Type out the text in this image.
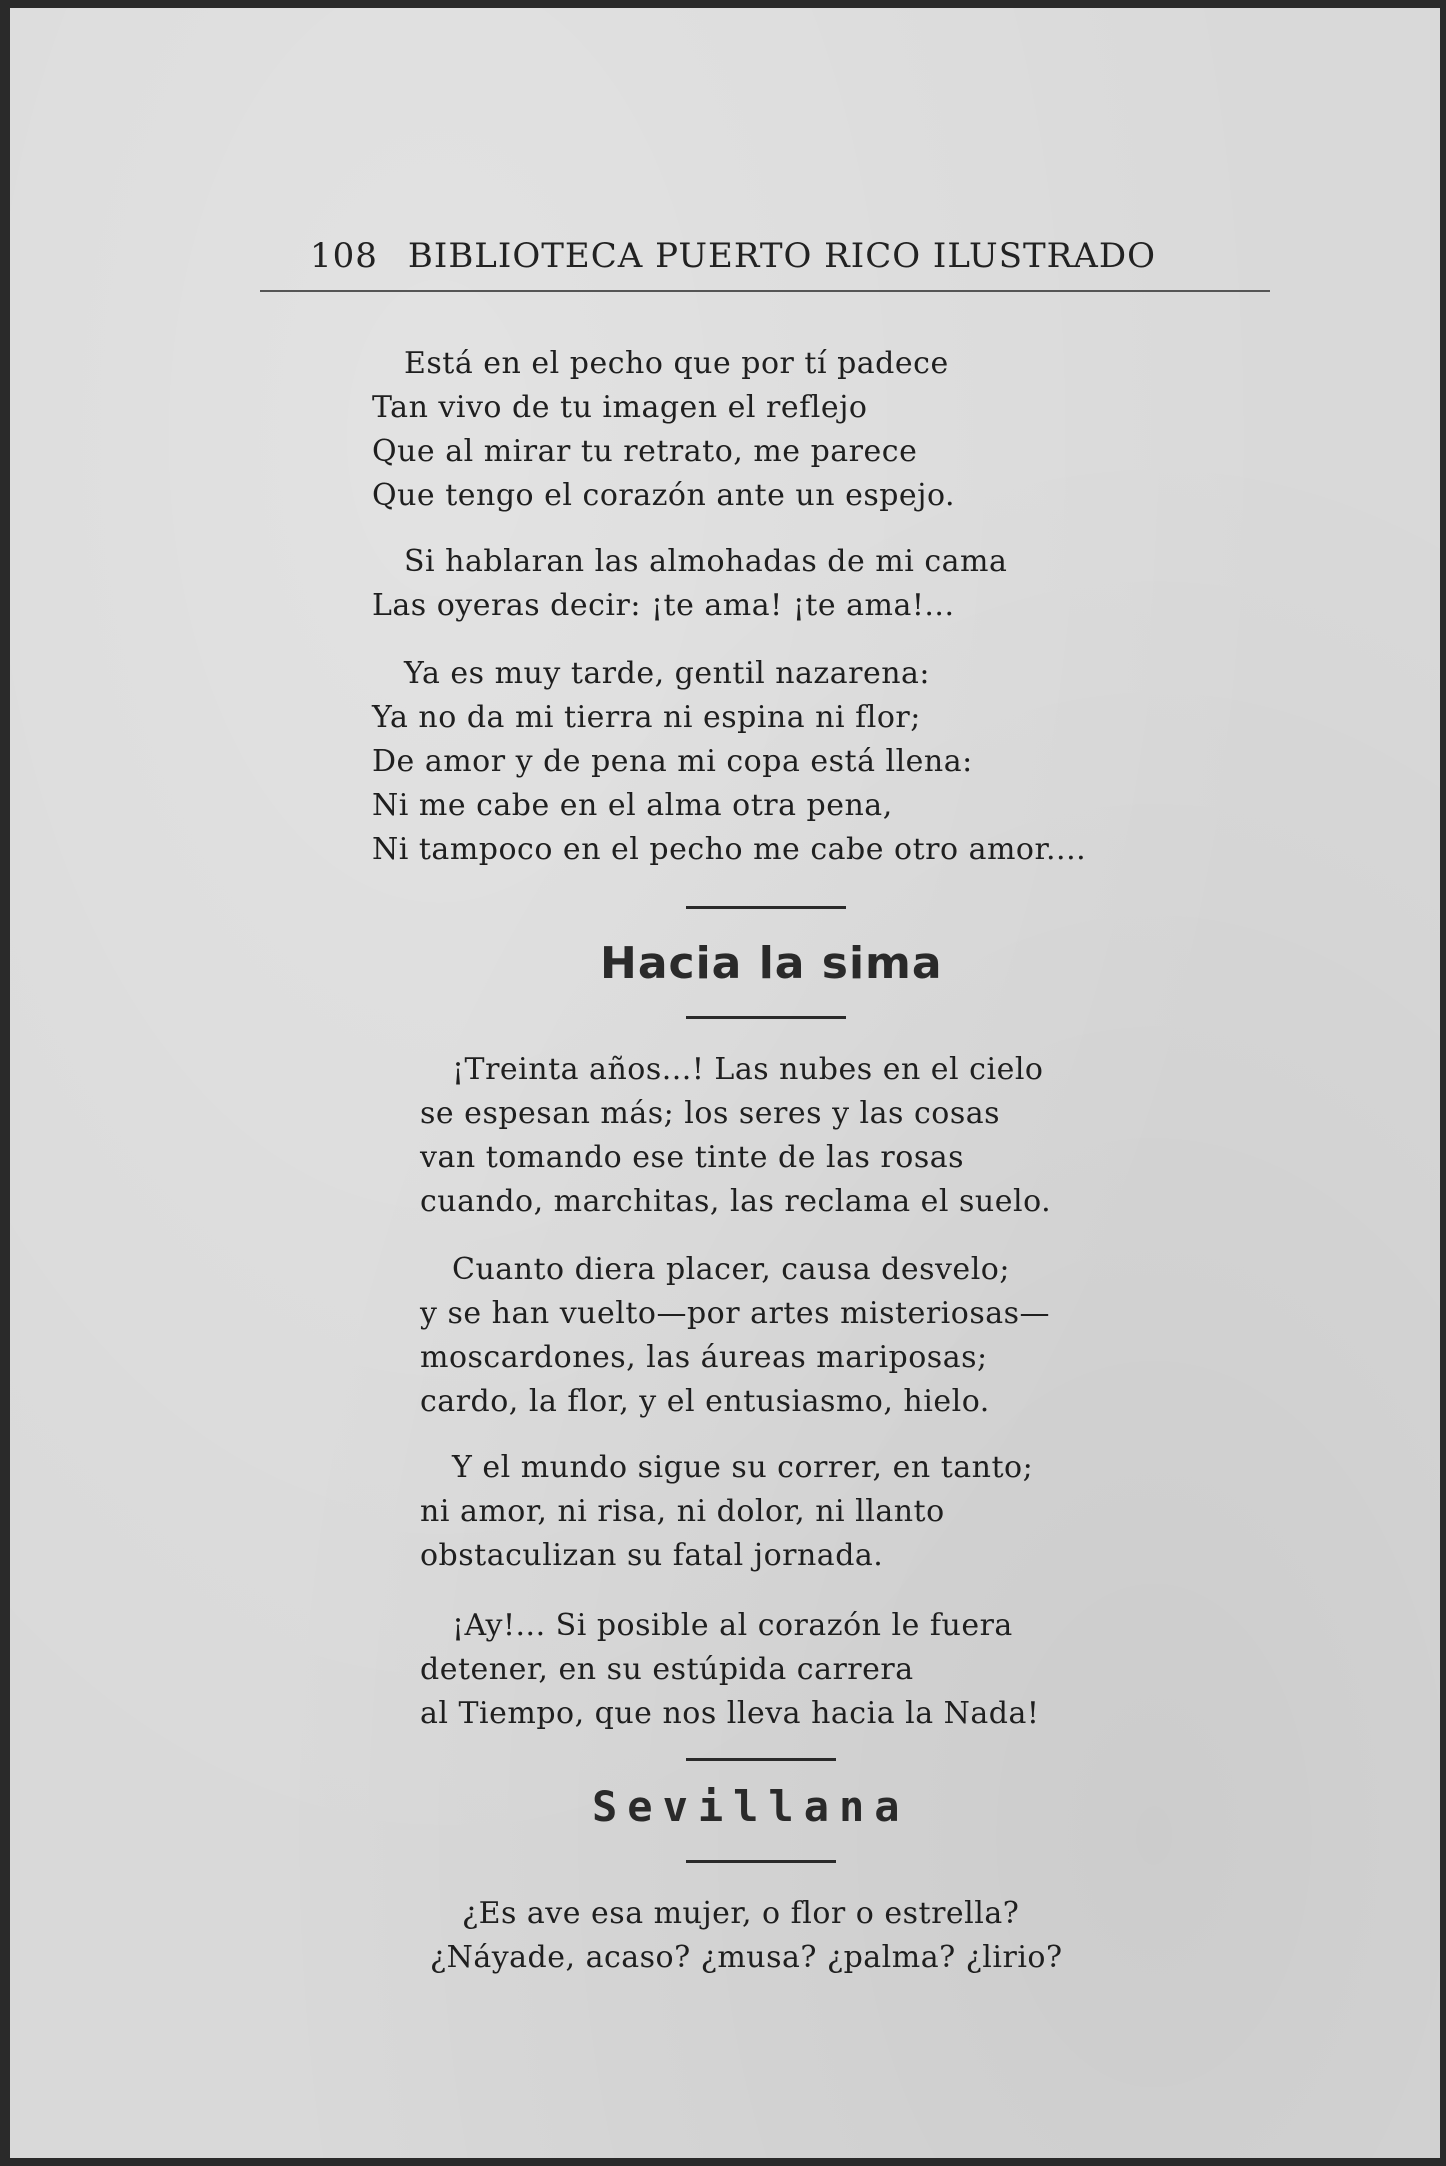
108 BIBLIOTECA PUERTO RICO ILUSTRADO
Está en el pecho que por tí padece
Tan vivo de tu imagen el reflejo
Que al mirar tu retrato, me parece
Que tengo el corazón ante un espejo.
Si hablaran las almohadas de mi cama
Las oyeras decir: ¡te ama! ¡te ama!...
Ya es muy tarde, gentil nazarena:
Ya no da mi tierra ni espina ni flor;
De amor y de pena mi copa está llena:
Ni me cabe en el alma otra pena,
Ni tampoco en el pecho me cabe otro amor....
Hacia la sima
¡Treinta años...! Las nubes en el cielo
se espesan más; los seres y las cosas
van tomando ese tinte de las rosas
cuando, marchitas, las reclama el suelo.
Cuanto diera placer, causa desvelo;
y se han vuelto—por artes misteriosas—
moscardones, las áureas mariposas;
cardo, la flor, y el entusiasmo, hielo.
Y el mundo sigue su correr, en tanto;
ni amor, ni risa, ni dolor, ni llanto
obstaculizan su fatal jornada.
¡Ay!... Si posible al corazón le fuera
detener, en su estúpida carrera
al Tiempo, que nos lleva hacia la Nada!
Sevillana
¿Es ave esa mujer, o flor o estrella?
¿Náyade, acaso? ¿musa? ¿palma? ¿lirio?
